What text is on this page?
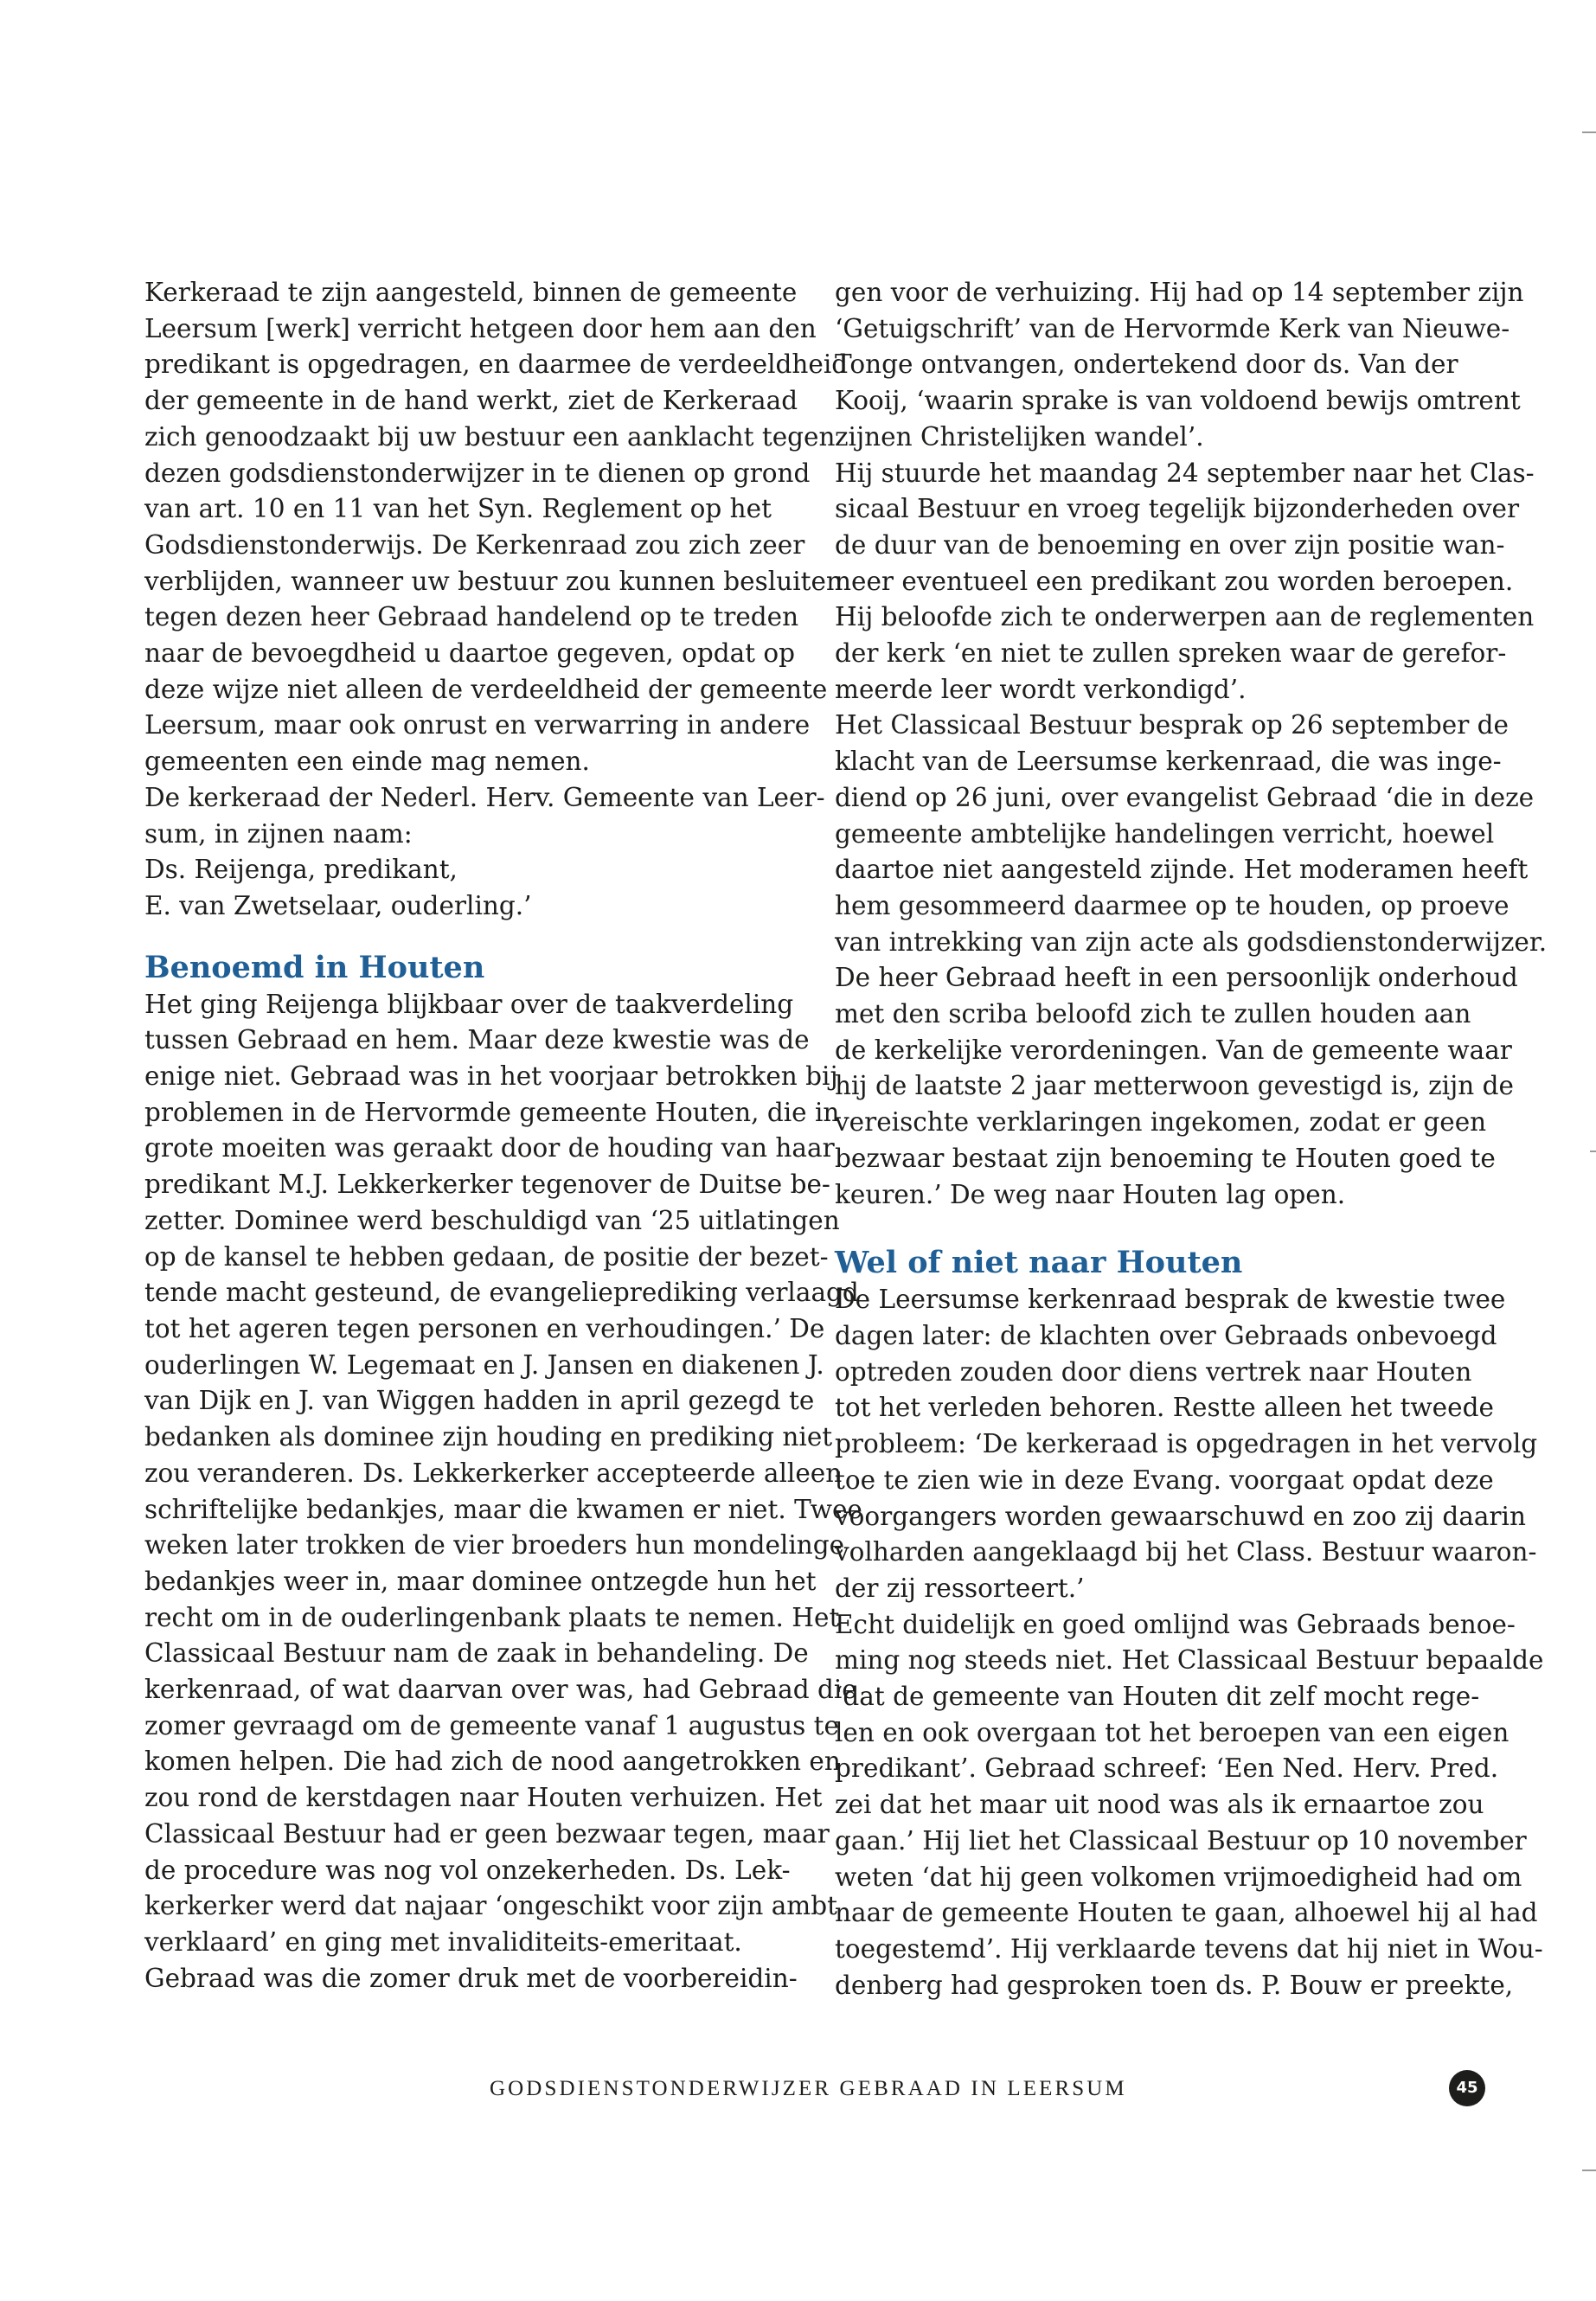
Kerkeraad te zijn aangesteld, binnen de gemeente

Leersum [werk] verricht hetgeen door hem aan den

predikant is opgedragen, en daarmee de verdeeldheid

der gemeente in de hand werkt, ziet de Kerkeraad

zich genoodzaakt bij uw bestuur een aanklacht tegen

dezen godsdienstonderwijzer in te dienen op grond

van art. 10 en 11 van het Syn. Reglement op het

Godsdienstonderwijs. De Kerkenraad zou zich zeer

verblijden, wanneer uw bestuur zou kunnen besluiten

tegen dezen heer Gebraad handelend op te treden

naar de bevoegdheid u daartoe gegeven, opdat op

deze wijze niet alleen de verdeeldheid der gemeente

Leersum, maar ook onrust en verwarring in andere

gemeenten een einde mag nemen.

De kerkeraad der Nederl. Herv. Gemeente van Leer-

sum, in zijnen naam:

Ds. Reijenga, predikant,

E. van Zwetselaar, ouderling.’

Benoemd in Houten

Het ging Reijenga blijkbaar over de taakverdeling

tussen Gebraad en hem. Maar deze kwestie was de

enige niet. Gebraad was in het voorjaar betrokken bij

problemen in de Hervormde gemeente Houten, die in

grote moeiten was geraakt door de houding van haar

predikant M.J. Lekkerkerker tegenover de Duitse be-

zetter. Dominee werd beschuldigd van ‘25 uitlatingen

op de kansel te hebben gedaan, de positie der bezet-

tende macht gesteund, de evangelieprediking verlaagd

tot het ageren tegen personen en verhoudingen.’ De

ouderlingen W. Legemaat en J. Jansen en diakenen J.

van Dijk en J. van Wiggen hadden in april gezegd te

bedanken als dominee zijn houding en prediking niet

zou veranderen. Ds. Lekkerkerker accepteerde alleen

schriftelijke bedankjes, maar die kwamen er niet. Twee

weken later trokken de vier broeders hun mondelinge

bedankjes weer in, maar dominee ontzegde hun het

recht om in de ouderlingenbank plaats te nemen. Het

Classicaal Bestuur nam de zaak in behandeling. De

kerkenraad, of wat daarvan over was, had Gebraad die

zomer gevraagd om de gemeente vanaf 1 augustus te

komen helpen. Die had zich de nood aangetrokken en

zou rond de kerstdagen naar Houten verhuizen. Het

Classicaal Bestuur had er geen bezwaar tegen, maar

de procedure was nog vol onzekerheden. Ds. Lek-

kerkerker werd dat najaar ‘ongeschikt voor zijn ambt

verklaard’ en ging met invaliditeits-emeritaat.

Gebraad was die zomer druk met de voorbereidin-

gen voor de verhuizing. Hij had op 14 september zijn

‘Getuigschrift’ van de Hervormde Kerk van Nieuwe-

Tonge ontvangen, ondertekend door ds. Van der

Kooij, ‘waarin sprake is van voldoend bewijs omtrent

zijnen Christelijken wandel’.

Hij stuurde het maandag 24 september naar het Clas-

sicaal Bestuur en vroeg tegelijk bijzonderheden over

de duur van de benoeming en over zijn positie wan-

neer eventueel een predikant zou worden beroepen.

Hij beloofde zich te onderwerpen aan de reglementen

der kerk ‘en niet te zullen spreken waar de gerefor-

meerde leer wordt verkondigd’.

Het Classicaal Bestuur besprak op 26 september de

klacht van de Leersumse kerkenraad, die was inge-

diend op 26 juni, over evangelist Gebraad ‘die in deze

gemeente ambtelijke handelingen verricht, hoewel

daartoe niet aangesteld zijnde. Het moderamen heeft

hem gesommeerd daarmee op te houden, op proeve

van intrekking van zijn acte als godsdienstonderwijzer.

De heer Gebraad heeft in een persoonlijk onderhoud

met den scriba beloofd zich te zullen houden aan

de kerkelijke verordeningen. Van de gemeente waar

hij de laatste 2 jaar metterwoon gevestigd is, zijn de

vereischte verklaringen ingekomen, zodat er geen

bezwaar bestaat zijn benoeming te Houten goed te

keuren.’ De weg naar Houten lag open.

Wel of niet naar Houten

De Leersumse kerkenraad besprak de kwestie twee

dagen later: de klachten over Gebraads onbevoegd

optreden zouden door diens vertrek naar Houten

tot het verleden behoren. Restte alleen het tweede

probleem: ‘De kerkeraad is opgedragen in het vervolg

toe te zien wie in deze Evang. voorgaat opdat deze

voorgangers worden gewaarschuwd en zoo zij daarin

volharden aangeklaagd bij het Class. Bestuur waaron-

der zij ressorteert.’

Echt duidelijk en goed omlijnd was Gebraads benoe-

ming nog steeds niet. Het Classicaal Bestuur bepaalde

‘dat de gemeente van Houten dit zelf mocht rege-

len en ook overgaan tot het beroepen van een eigen

predikant’. Gebraad schreef: ‘Een Ned. Herv. Pred.

zei dat het maar uit nood was als ik ernaartoe zou

gaan.’ Hij liet het Classicaal Bestuur op 10 november

weten ‘dat hij geen volkomen vrijmoedigheid had om

naar de gemeente Houten te gaan, alhoewel hij al had

toegestemd’. Hij verklaarde tevens dat hij niet in Wou-

denberg had gesproken toen ds. P. Bouw er preekte,

GODSDIENSTONDERWIJZER GEBRAAD IN LEERSUM	45
